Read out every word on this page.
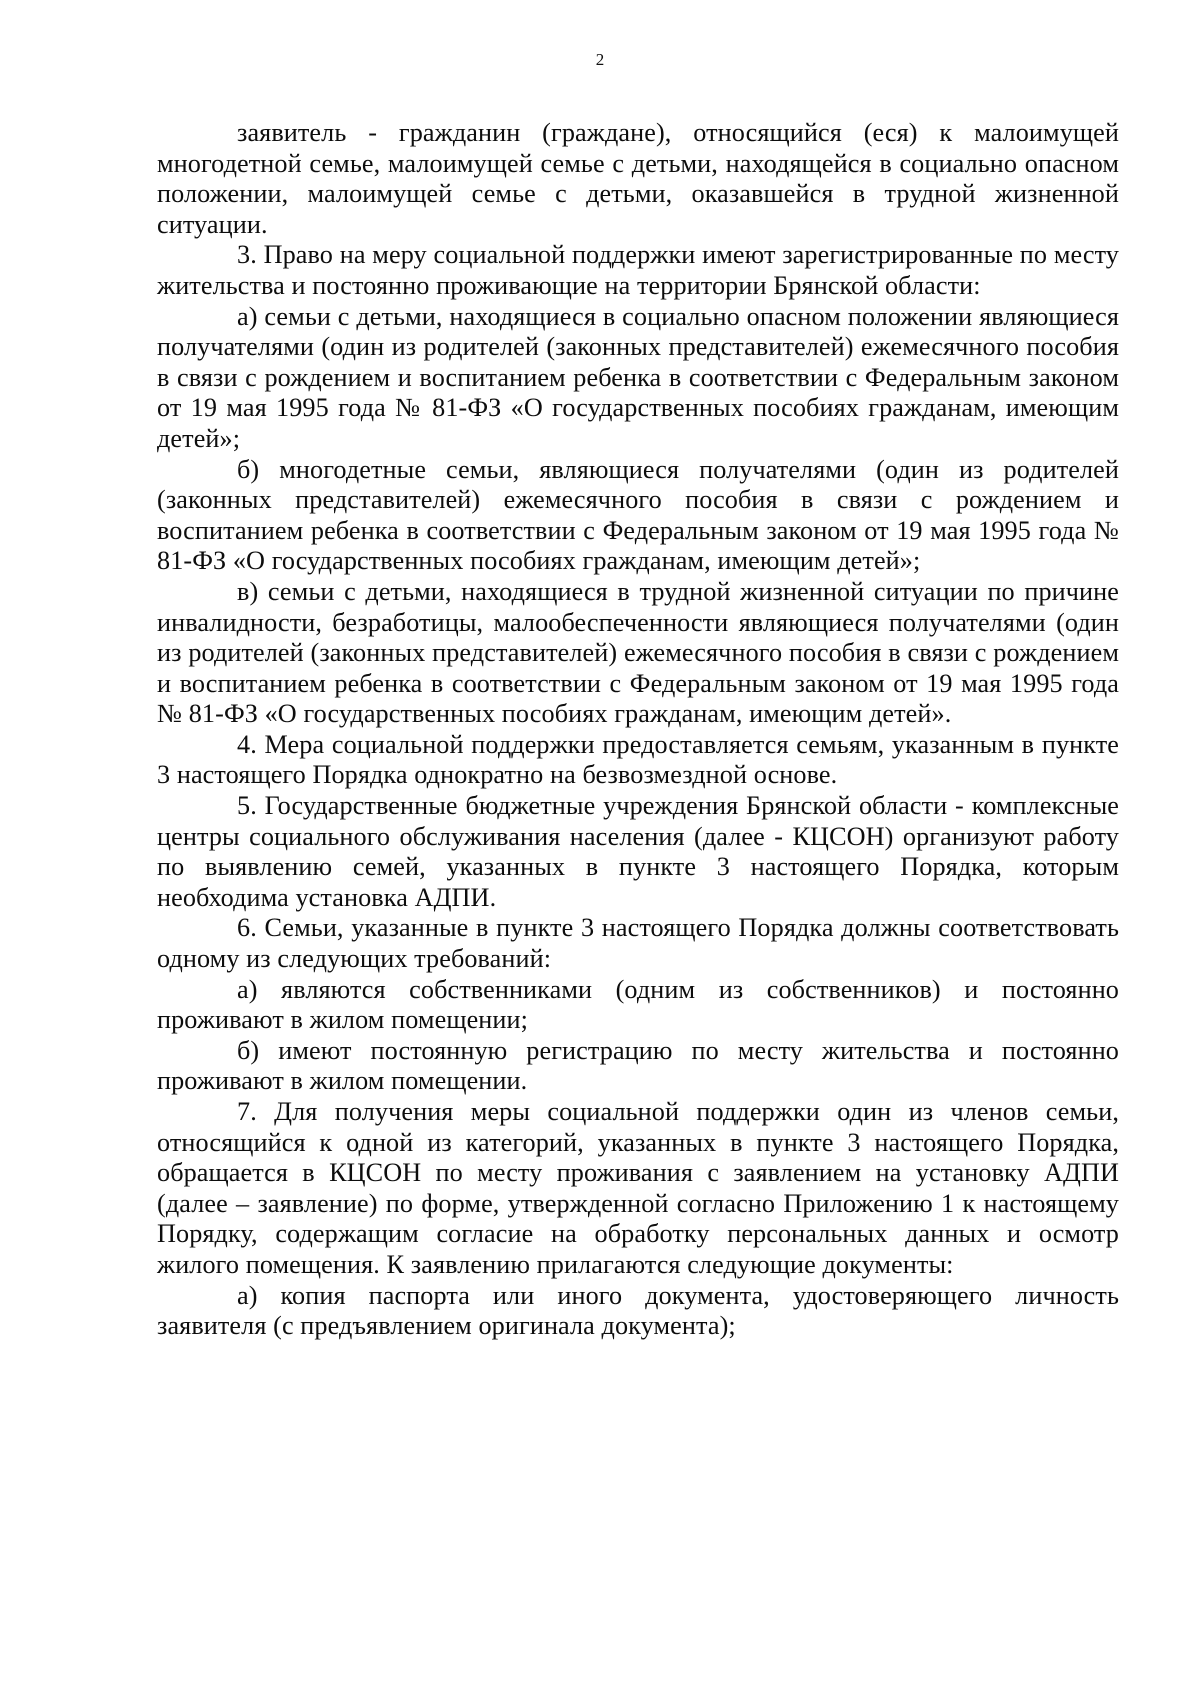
2

заявитель - гражданин (граждане), относящийся (еся) к малоимущей многодетной семье, малоимущей семье с детьми, находящейся в социально опасном положении, малоимущей семье с детьми, оказавшейся в трудной жизненной ситуации.

3. Право на меру социальной поддержки имеют зарегистрированные по месту жительства и постоянно проживающие на территории Брянской области:

а) семьи с детьми, находящиеся в социально опасном положении являющиеся получателями (один из родителей (законных представителей) ежемесячного пособия в связи с рождением и воспитанием ребенка в соответствии с Федеральным законом от 19 мая 1995 года № 81-ФЗ «О государственных пособиях гражданам, имеющим детей»;

б) многодетные семьи, являющиеся получателями (один из родителей (законных представителей) ежемесячного пособия в связи с рождением и воспитанием ребенка в соответствии с Федеральным законом от 19 мая 1995 года № 81-ФЗ «О государственных пособиях гражданам, имеющим детей»;

в) семьи с детьми, находящиеся в трудной жизненной ситуации по причине инвалидности, безработицы, малообеспеченности являющиеся получателями (один из родителей (законных представителей) ежемесячного пособия в связи с рождением и воспитанием ребенка в соответствии с Федеральным законом от 19 мая 1995 года № 81-ФЗ «О государственных пособиях гражданам, имеющим детей».

4. Мера социальной поддержки предоставляется семьям, указанным в пункте 3 настоящего Порядка однократно на безвозмездной основе.

5. Государственные бюджетные учреждения Брянской области - комплексные центры социального обслуживания населения (далее - КЦСОН) организуют работу по выявлению семей, указанных в пункте 3 настоящего Порядка, которым необходима установка АДПИ.

6. Семьи, указанные в пункте 3 настоящего Порядка должны соответствовать одному из следующих требований:

а) являются собственниками (одним из собственников) и постоянно проживают в жилом помещении;

б) имеют постоянную регистрацию по месту жительства и постоянно проживают в жилом помещении.

7. Для получения меры социальной поддержки один из членов семьи, относящийся к одной из категорий, указанных в пункте 3 настоящего Порядка, обращается в КЦСОН по месту проживания с заявлением на установку АДПИ (далее – заявление) по форме, утвержденной согласно Приложению 1 к настоящему Порядку, содержащим согласие на обработку персональных данных и осмотр жилого помещения. К заявлению прилагаются следующие документы:

а) копия паспорта или иного документа, удостоверяющего личность заявителя (с предъявлением оригинала документа);
